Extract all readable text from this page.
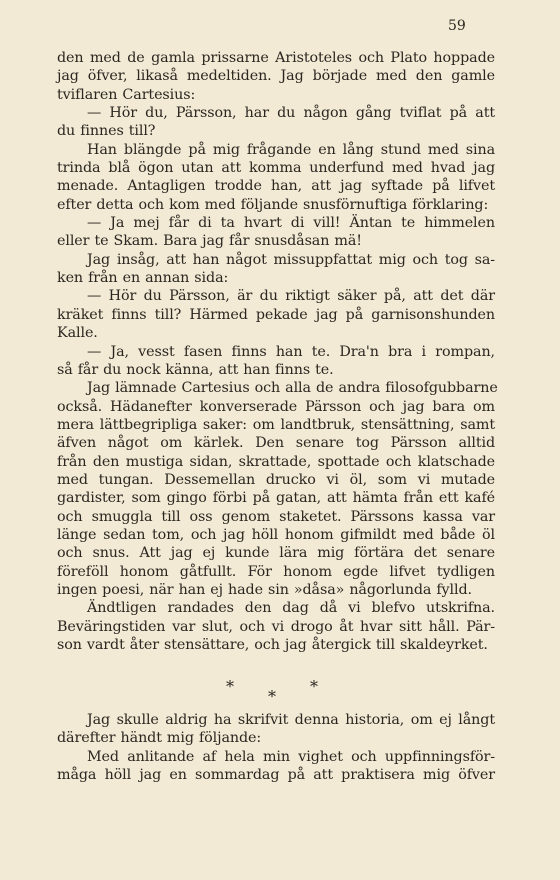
59
den med de gamla prissarne Aristoteles och Plato hoppade
jag öfver, likaså medeltiden. Jag började med den gamle
tviflaren Cartesius:
— Hör du, Pärsson, har du någon gång tviflat på att
du finnes till?
Han blängde på mig frågande en lång stund med sina
trinda blå ögon utan att komma underfund med hvad jag
menade. Antagligen trodde han, att jag syftade på lifvet
efter detta och kom med följande snusförnuftiga förklaring:
— Ja mej får di ta hvart di vill! Äntan te himmelen
eller te Skam. Bara jag får snusdåsan mä!
Jag insåg, att han något missuppfattat mig och tog sa-
ken från en annan sida:
— Hör du Pärsson, är du riktigt säker på, att det där
kräket finns till? Härmed pekade jag på garnisonshunden
Kalle.
— Ja, vesst fasen finns han te. Dra'n bra i rompan,
så får du nock känna, att han finns te.
Jag lämnade Cartesius och alla de andra filosofgubbarne
också. Hädanefter konverserade Pärsson och jag bara om
mera lättbegripliga saker: om landtbruk, stensättning, samt
äfven något om kärlek. Den senare tog Pärsson alltid
från den mustiga sidan, skrattade, spottade och klatschade
med tungan. Dessemellan drucko vi öl, som vi mutade
gardister, som gingo förbi på gatan, att hämta från ett kafé
och smuggla till oss genom staketet. Pärssons kassa var
länge sedan tom, och jag höll honom gifmildt med både öl
och snus. Att jag ej kunde lära mig förtära det senare
föreföll honom gåtfullt. För honom egde lifvet tydligen
ingen poesi, när han ej hade sin »dåsa» någorlunda fylld.
Ändtligen randades den dag då vi blefvo utskrifna.
Beväringstiden var slut, och vi drogo åt hvar sitt håll. Pär-
son vardt åter stensättare, och jag återgick till skaldeyrket.
*
*
*
Jag skulle aldrig ha skrifvit denna historia, om ej långt
därefter händt mig följande:
Med anlitande af hela min vighet och uppfinningsför-
måga höll jag en sommardag på att praktisera mig öfver
